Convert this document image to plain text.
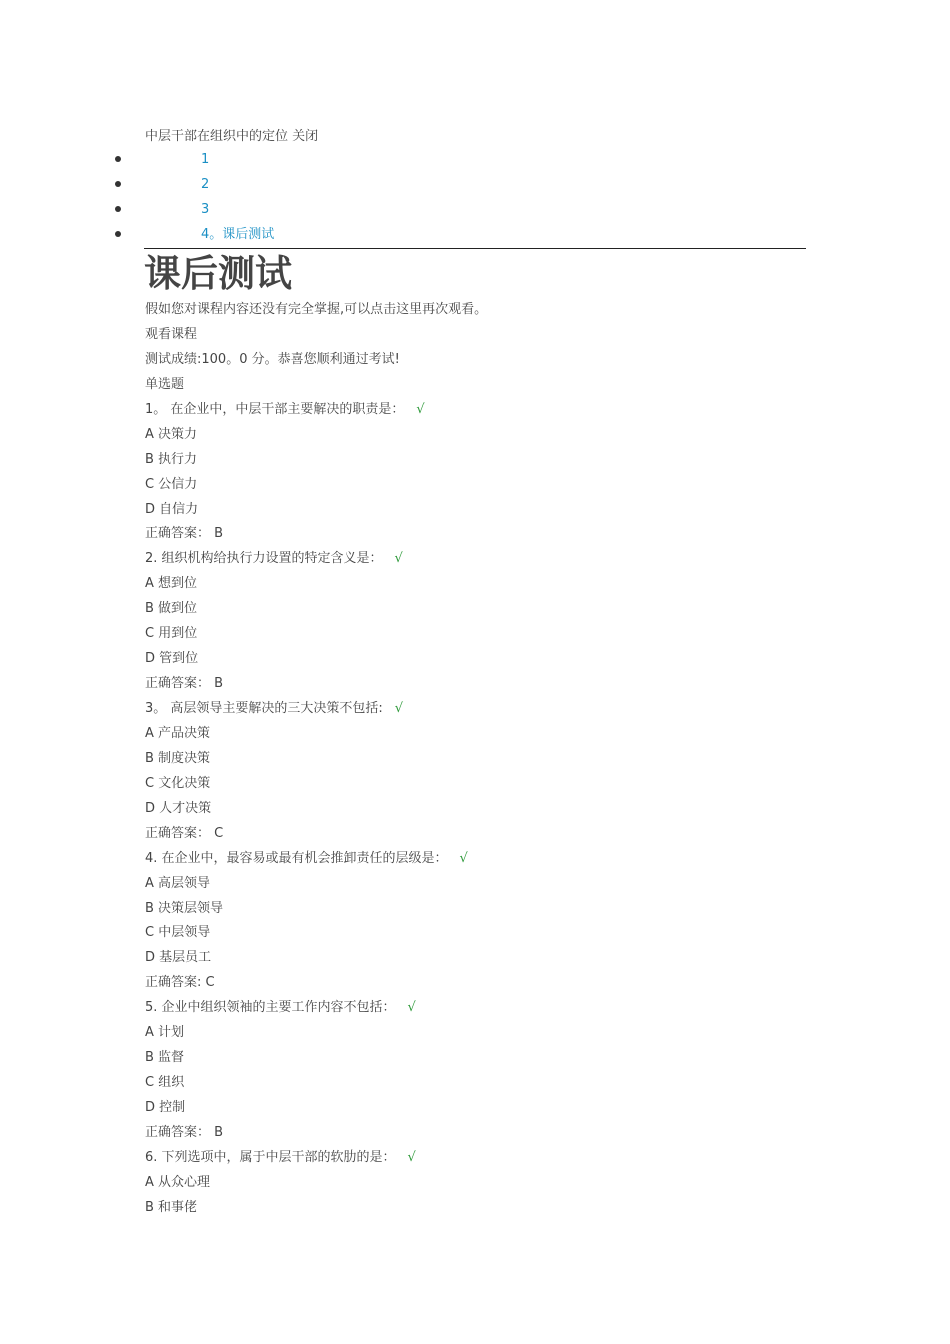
中层干部在组织中的定位 关闭
1
2
3
4。课后测试
课后测试
假如您对课程内容还没有完全掌握,可以点击这里再次观看。
观看课程
测试成绩:100。0 分。恭喜您顺利通过考试!
单选题
1。 在企业中，中层干部主要解决的职责是： √
A 决策力
B 执行力
C 公信力
D 自信力
正确答案： B
2. 组织机构给执行力设置的特定含义是： √
A 想到位
B 做到位
C 用到位
D 管到位
正确答案： B
3。 高层领导主要解决的三大决策不包括: √
A 产品决策
B 制度决策
C 文化决策
D 人才决策
正确答案： C
4. 在企业中，最容易或最有机会推卸责任的层级是： √
A 高层领导
B 决策层领导
C 中层领导
D 基层员工
正确答案: C
5. 企业中组织领袖的主要工作内容不包括： √
A 计划
B 监督
C 组织
D 控制
正确答案： B
6. 下列选项中，属于中层干部的软肋的是： √
A 从众心理
B 和事佬
